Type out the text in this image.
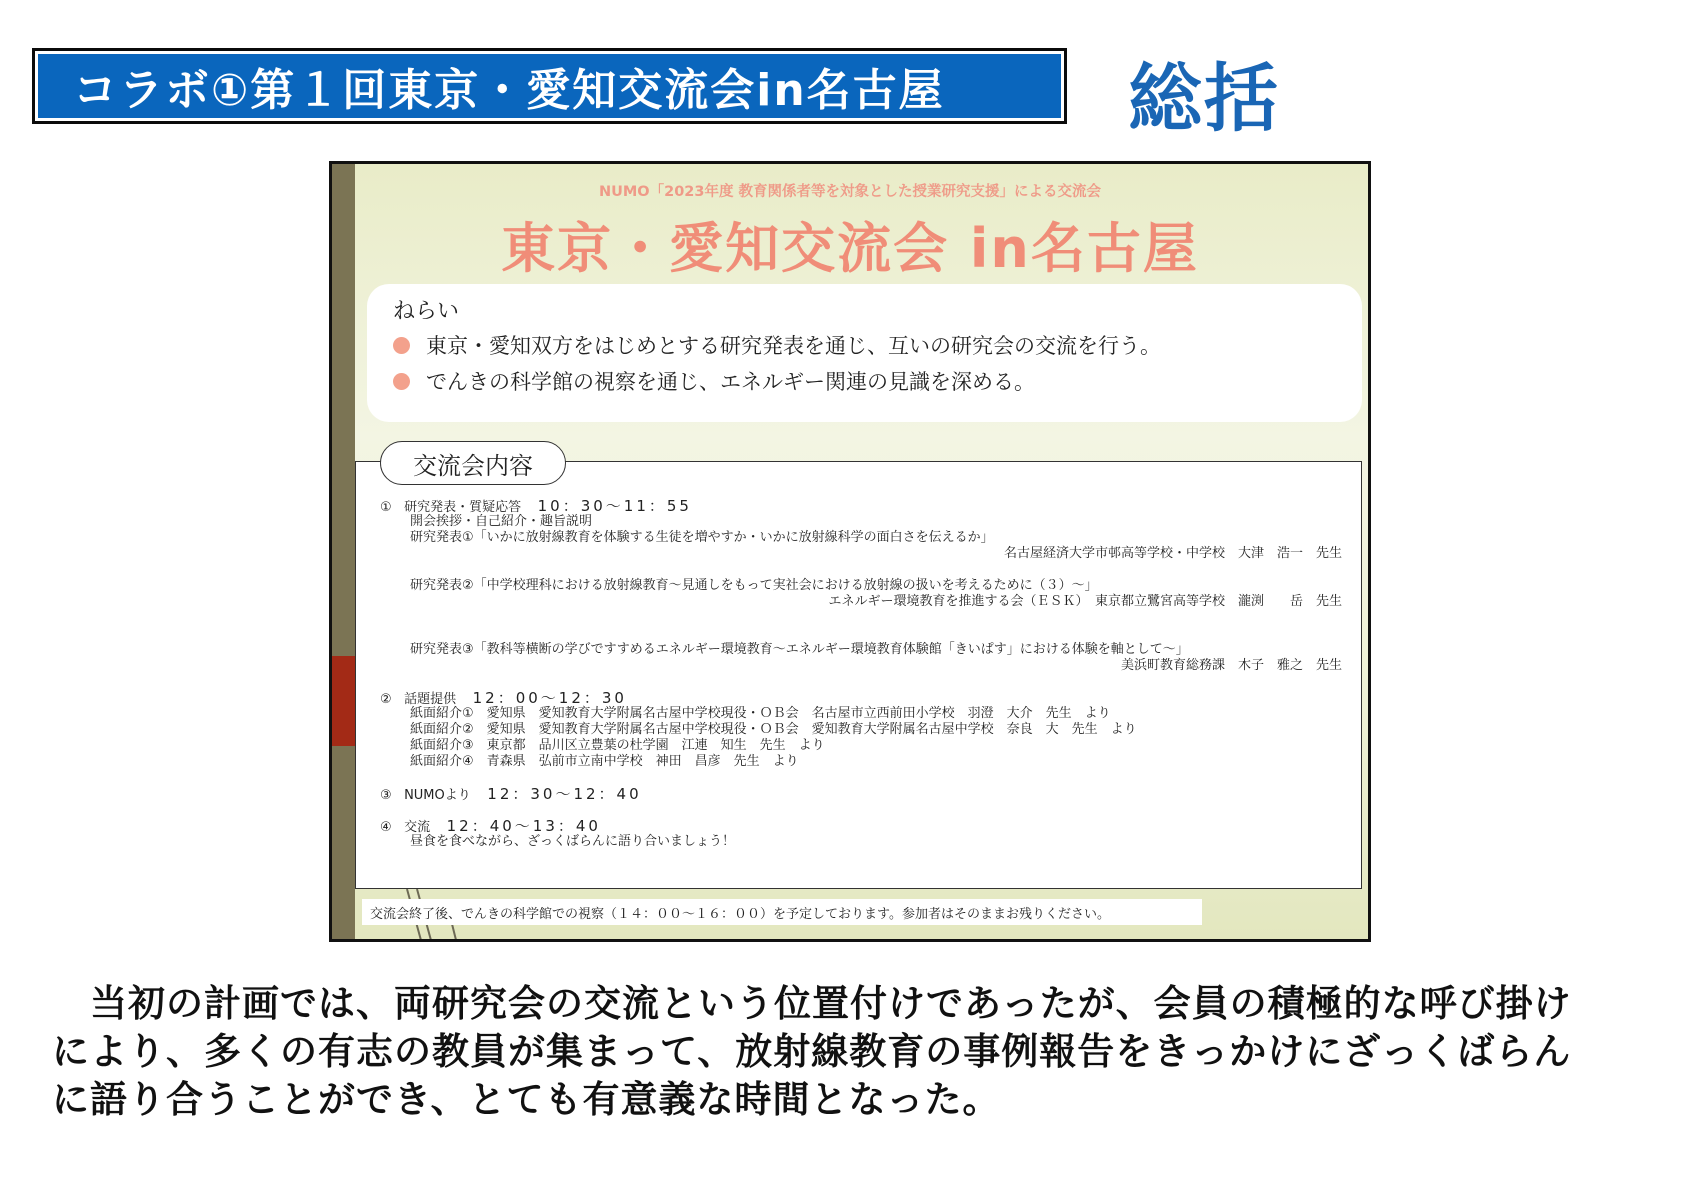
コラボ①第１回東京・愛知交流会in名古屋 総括
NUMO「2023年度 教育関係者等を対象とした授業研究支援」による交流会
東京・愛知交流会 in名古屋
ねらい
東京・愛知双方をはじめとする研究発表を通じ、互いの研究会の交流を行う。
でんきの科学館の視察を通じ、エネルギー関連の見識を深める。
① 研究発表・質疑応答 10：30～11：55
開会挨拶・自己紹介・趣旨説明
研究発表①「いかに放射線教育を体験する生徒を増やすか・いかに放射線科学の面白さを伝えるか」
名古屋経済大学市邨高等学校・中学校　大津　浩一　先生
研究発表②「中学校理科における放射線教育～見通しをもって実社会における放射線の扱いを考えるために（３）～」
エネルギー環境教育を推進する会（ＥＳＫ）　東京都立鷺宮高等学校　瀧渕　　岳　先生
研究発表③「教科等横断の学びですすめるエネルギー環境教育～エネルギー環境教育体験館「きいぱす」における体験を軸として～」
美浜町教育総務課　木子　雅之　先生
② 話題提供 12：00～12：30
紙面紹介①　愛知県　愛知教育大学附属名古屋中学校現役・ＯＢ会　名古屋市立西前田小学校　羽澄　大介　先生　より
紙面紹介②　愛知県　愛知教育大学附属名古屋中学校現役・ＯＢ会　愛知教育大学附属名古屋中学校　奈良　大　先生　より
紙面紹介③　東京都　品川区立豊葉の杜学園　江連　知生　先生　より
紙面紹介④　青森県　弘前市立南中学校　神田　昌彦　先生　より
③ NUMOより 12：30～12：40
④ 交流 12：40～13：40
昼食を食べながら、ざっくばらんに語り合いましょう！
交流会内容
交流会終了後、でんきの科学館での視察（１４：００～１６：００）を予定しております。参加者はそのままお残りください。
　当初の計画では、両研究会の交流という位置付けであったが、会員の積極的な呼び掛け
により、多くの有志の教員が集まって、放射線教育の事例報告をきっかけにざっくばらん
に語り合うことができ、とても有意義な時間となった。
